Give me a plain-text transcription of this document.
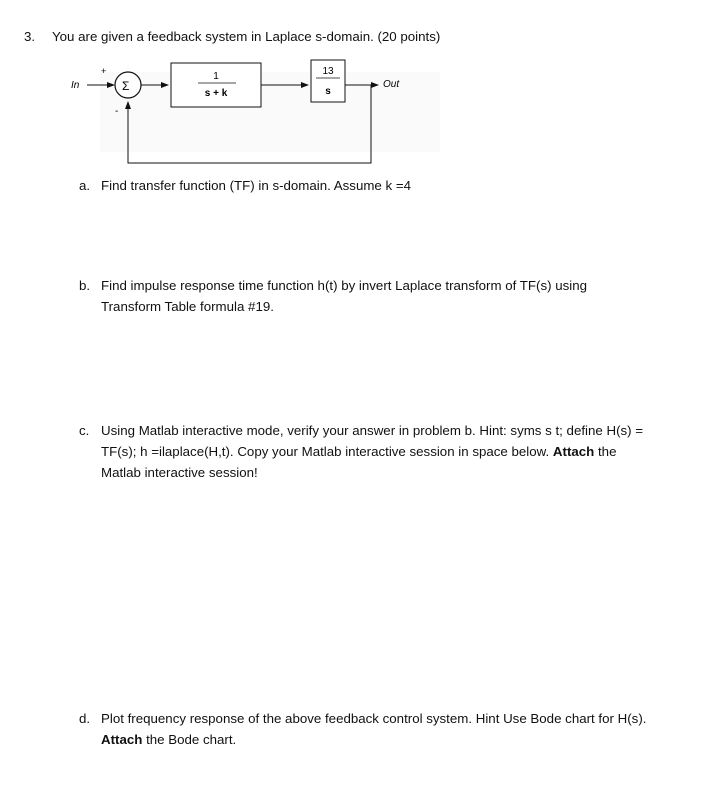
3. You are given a feedback system in Laplace s-domain. (20 points)
In	Σ
+
-
1
s + k
13
s
Out
a. Find transfer function (TF) in s-domain. Assume k =4
b. Find impulse response time function h(t) by invert Laplace transform of TF(s) using
Transform Table formula #19.
c. Using Matlab interactive mode, verify your answer in problem b. Hint: syms s t; define H(s) =
TF(s); h =ilaplace(H,t). Copy your Matlab interactive session in space below. Attach the
Matlab interactive session!
d. Plot frequency response of the above feedback control system. Hint Use Bode chart for H(s).
Attach the Bode chart.
